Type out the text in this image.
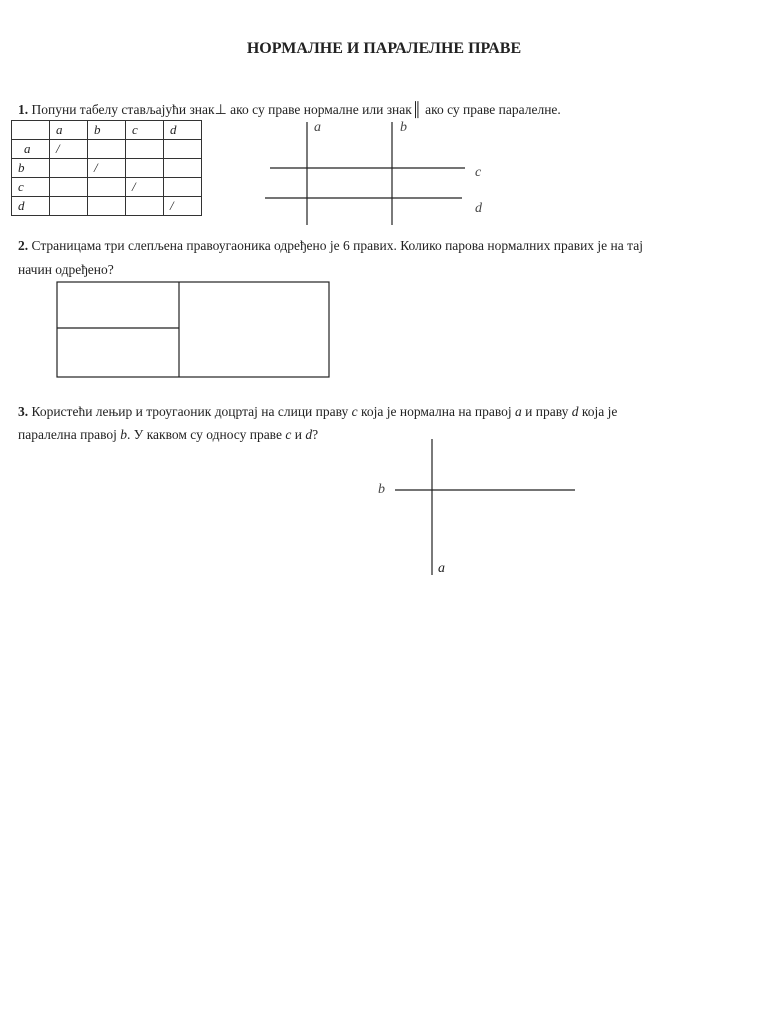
НОРМАЛНЕ И ПАРАЛЕЛНЕ ПРАВЕ
1. Попуни табелу стављајући знак⊥ ако су праве нормалне или знак║ ако су праве паралелне.
	a	b	c	d
a	/			
b		/		
c			/	
d				/
a	b
c
d
2. Страницама три слепљена правоугаоника одређено је 6 правих. Колико парова нормалних правих је на тај
начин одређено?
3. Користећи лењир и троугаоник доцртај на слици праву c која је нормална на правој a и праву d која је
паралелна правој b. У каквом су односу праве c и d?
b
a
